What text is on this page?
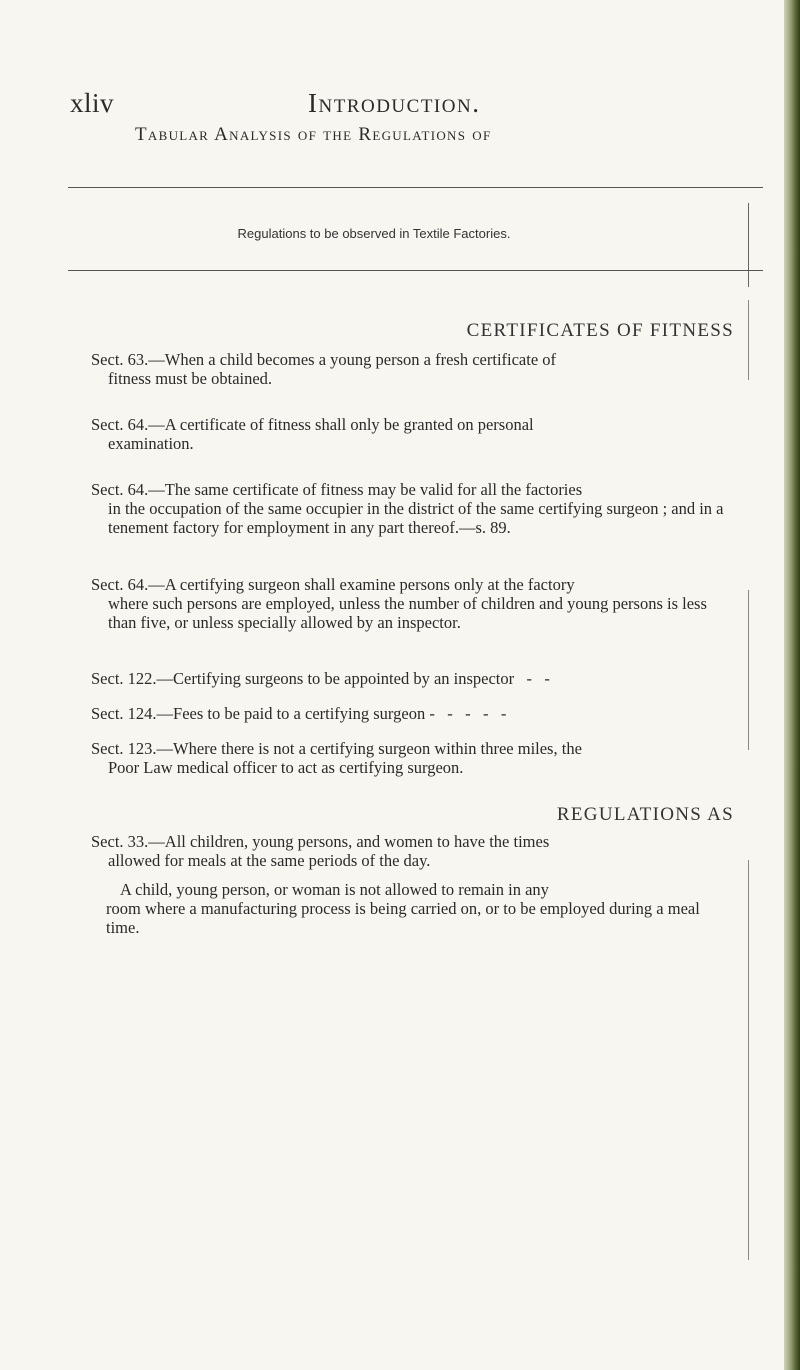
xliv	Introduction.
Tabular Analysis of the Regulations of
Regulations to be observed in Textile Factories.
CERTIFICATES OF FITNESS
Sect. 63.—When a child becomes a young person a fresh certificate of
fitness must be obtained.
Sect. 64.—A certificate of fitness shall only be granted on personal
examination.
Sect. 64.—The same certificate of fitness may be valid for all the factories
in the occupation of the same occupier in the district of the same certifying surgeon ; and in a tenement factory for employment in any part thereof.—s. 89.
Sect. 64.—A certifying surgeon shall examine persons only at the factory
where such persons are employed, unless the number of children and young persons is less than five, or unless specially allowed by an inspector.
Sect. 122.—Certifying surgeons to be appointed by an inspector   -   -
Sect. 124.—Fees to be paid to a certifying surgeon -   -   -   -   -
Sect. 123.—Where there is not a certifying surgeon within three miles, the
Poor Law medical officer to act as certifying surgeon.
REGULATIONS AS
Sect. 33.—All children, young persons, and women to have the times
allowed for meals at the same periods of the day.
A child, young person, or woman is not allowed to remain in any
room where a manufacturing process is being carried on, or to be employed during a meal time.
